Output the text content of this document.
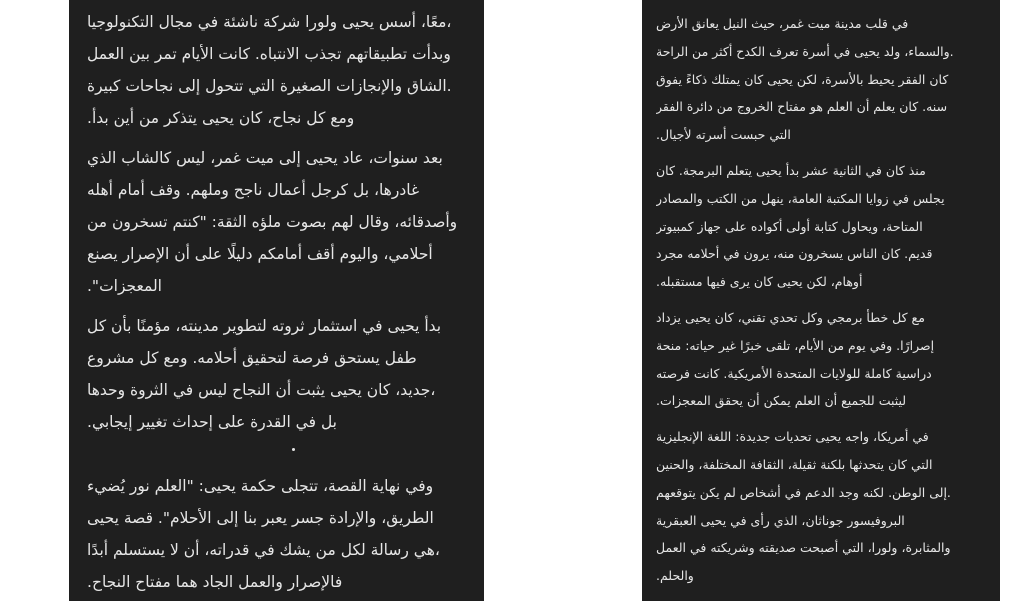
معًا، أسس يحيى ولورا شركة ناشئة في مجال التكنولوجيا،
وبدأت تطبيقاتهم تجذب الانتباه. كانت الأيام تمر بين العمل
الشاق والإنجازات الصغيرة التي تتحول إلى نجاحات كبيرة.
.ومع كل نجاح، كان يحيى يتذكر من أين بدأ
بعد سنوات، عاد يحيى إلى ميت غمر، ليس كالشاب الذي
غادرها، بل كرجل أعمال ناجح وملهم. وقف أمام أهله
وأصدقائه، وقال لهم بصوت ملؤه الثقة: "كنتم تسخرون من
أحلامي، واليوم أقف أمامكم دليلًا على أن الإصرار يصنع
."المعجزات
بدأ يحيى في استثمار ثروته لتطوير مدينته، مؤمنًا بأن كل
طفل يستحق فرصة لتحقيق أحلامه. ومع كل مشروع
جديد، كان يحيى يثبت أن النجاح ليس في الثروة وحدها،
.بل في القدرة على إحداث تغيير إيجابي
وفي نهاية القصة، تتجلى حكمة يحيى: "العلم نور يُضيء
الطريق، والإرادة جسر يعبر بنا إلى الأحلام". قصة يحيى
هي رسالة لكل من يشك في قدراته، أن لا يستسلم أبدًا،
.فالإصرار والعمل الجاد هما مفتاح النجاح
في قلب مدينة ميت غمر، حيث النيل يعانق الأرض
والسماء، ولد يحيى في أسرة تعرف الكدح أكثر من الراحة.
كان الفقر يحيط بالأسرة، لكن يحيى كان يمتلك ذكاءً يفوق
سنه. كان يعلم أن العلم هو مفتاح الخروج من دائرة الفقر
.التي حبست أسرته لأجيال
منذ كان في الثانية عشر بدأ يحيى يتعلم البرمجة. كان
يجلس في زوايا المكتبة العامة، ينهل من الكتب والمصادر
المتاحة، ويحاول كتابة أولى أكواده على جهاز كمبيوتر
قديم. كان الناس يسخرون منه، يرون في أحلامه مجرد
.أوهام، لكن يحيى كان يرى فيها مستقبله
مع كل خطأ برمجي وكل تحدي تقني، كان يحيى يزداد
إصرارًا. وفي يوم من الأيام، تلقى خبرًا غير حياته: منحة
دراسية كاملة للولايات المتحدة الأمريكية. كانت فرصته
.ليثبت للجميع أن العلم يمكن أن يحقق المعجزات
في أمريكا، واجه يحيى تحديات جديدة: اللغة الإنجليزية
التي كان يتحدثها بلكنة ثقيلة، الثقافة المختلفة، والحنين
إلى الوطن. لكنه وجد الدعم في أشخاص لم يكن يتوقعهم.
البروفيسور جوناثان، الذي رأى في يحيى العبقرية
والمثابرة، ولورا، التي أصبحت صديقته وشريكته في العمل
.والحلم
